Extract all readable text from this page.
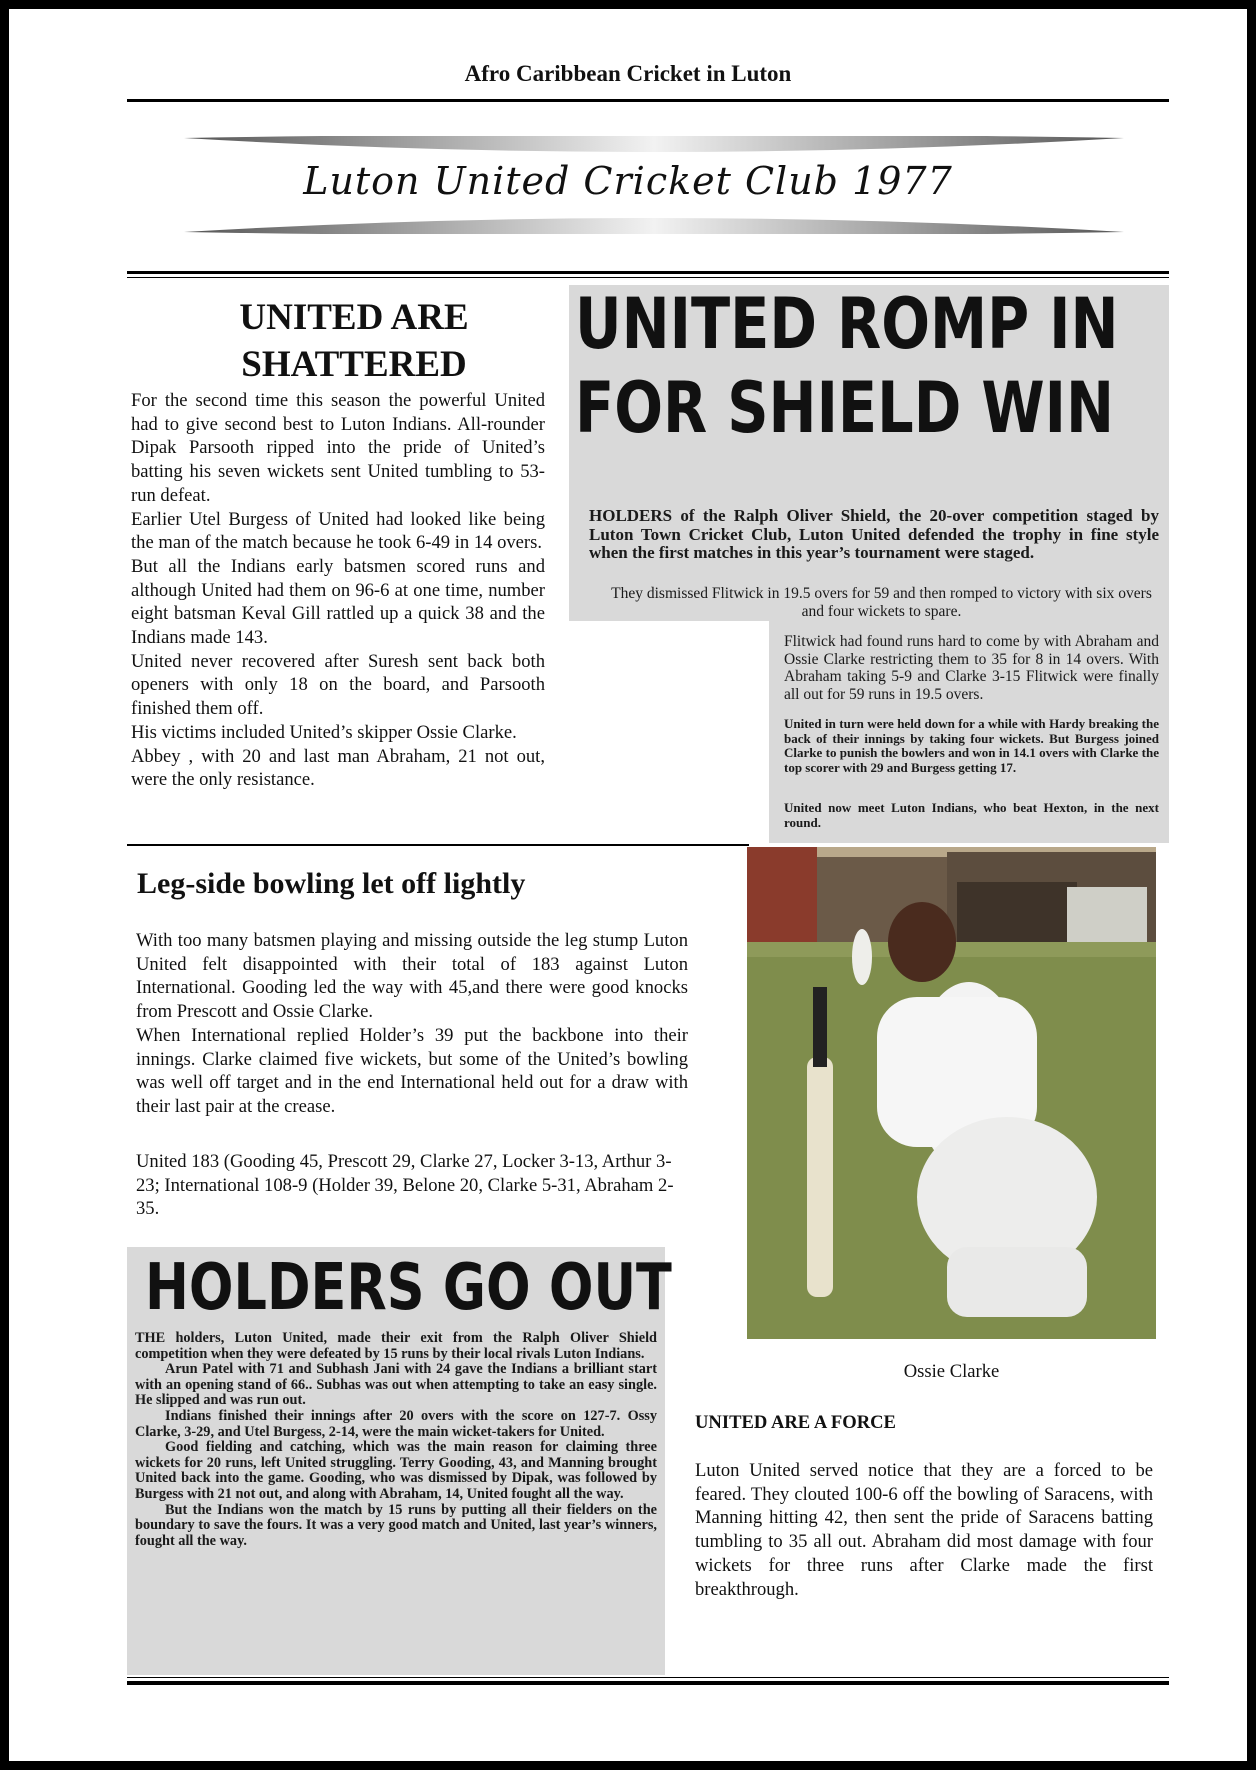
Afro Caribbean Cricket in Luton
Luton United Cricket Club 1977
UNITED ARE
SHATTERED

For the second time this season the powerful United had to give second best to Luton Indians. All-rounder Dipak Parsooth ripped into the pride of United’s batting his seven wickets sent United tumbling to 53-run defeat.

Earlier Utel Burgess of United had looked like being the man of the match because he took 6-49 in 14 overs.

But all the Indians early batsmen scored runs and although United had them on 96-6 at one time, number eight batsman Keval Gill rattled up a quick 38 and the Indians made 143.

United never recovered after Suresh sent back both openers with only 18 on the board, and Parsooth finished them off.

His victims included United’s skipper Ossie Clarke.

Abbey , with 20 and last man Abraham, 21 not out, were the only resistance.

UNITED ROMP IN
FOR SHIELD WIN
HOLDERS of the Ralph Oliver Shield, the 20-over competition staged by Luton Town Cricket Club, Luton United defended the trophy in fine style when the first matches in this year’s tournament were staged.
They dismissed Flitwick in 19.5 overs for 59 and then romped to victory with six overs and four wickets to spare.
Flitwick had found runs hard to come by with Abraham and Ossie Clarke restricting them to 35 for 8 in 14 overs. With Abraham taking 5-9 and Clarke 3-15 Flitwick were finally all out for 59 runs in 19.5 overs.
United in turn were held down for a while with Hardy breaking the back of their innings by taking four wickets. But Burgess joined Clarke to punish the bowlers and won in 14.1 overs with Clarke the top scorer with 29 and Burgess getting 17.
United now meet Luton Indians, who beat Hexton, in the next round.
Leg-side bowling let off lightly

With too many batsmen playing and missing outside the leg stump Luton United felt disappointed with their total of 183 against Luton International. Gooding led the way with 45,and there were good knocks from Prescott and Ossie Clarke.

When International replied Holder’s 39 put the backbone into their innings. Clarke claimed five wickets, but some of the United’s bowling was well off target and in the end International held out for a draw with their last pair at the crease.

United 183 (Gooding 45, Prescott 29, Clarke 27, Locker 3-13, Arthur 3-23; International 108-9 (Holder 39, Belone 20, Clarke 5-31, Abraham 2-35.
Ossie Clarke
HOLDERS GO OUT

THE holders, Luton United, made their exit from the Ralph Oliver Shield competition when they were defeated by 15 runs by their local rivals Luton Indians.

Arun Patel with 71 and Subhash Jani with 24 gave the Indians a brilliant start with an opening stand of 66.. Subhas was out when attempting to take an easy single. He slipped and was run out.

Indians finished their innings after 20 overs with the score on 127-7. Ossy Clarke, 3-29, and Utel Burgess, 2-14, were the main wicket-takers for United.

Good fielding and catching, which was the main reason for claiming three wickets for 20 runs, left United struggling. Terry Gooding, 43, and Manning brought United back into the game. Gooding, who was dismissed by Dipak, was followed by Burgess with 21 not out, and along with Abraham, 14, United fought all the way.

But the Indians won the match by 15 runs by putting all their fielders on the boundary to save the fours. It was a very good match and United, last year’s winners, fought all the way.

UNITED ARE A FORCE
Luton United served notice that they are a forced to be feared. They clouted 100-6 off the bowling of Saracens, with Manning hitting 42, then sent the pride of Saracens batting tumbling to 35 all out. Abraham did most damage with four wickets for three runs after Clarke made the first breakthrough.
